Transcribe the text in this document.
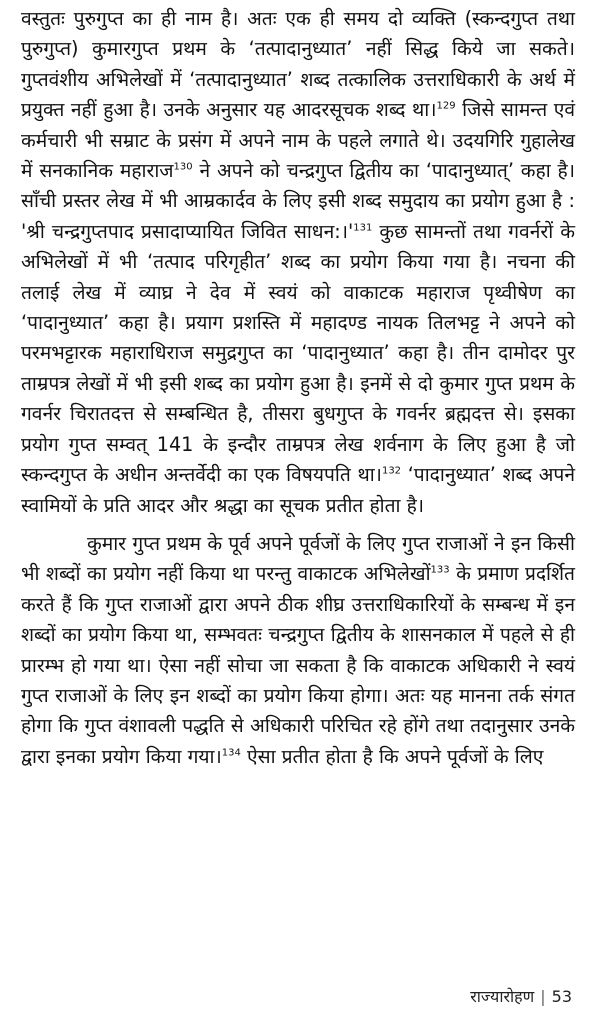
वस्तुतः पुरुगुप्त का ही नाम है। अतः एक ही समय दो व्यक्ति (स्कन्दगुप्त तथा पुरुगुप्त) कुमारगुप्त प्रथम के ‘तत्पादानुध्यात’ नहीं सिद्ध किये जा सकते। गुप्तवंशीय अभिलेखों में ‘तत्पादानुध्यात’ शब्द तत्कालिक उत्तराधिकारी के अर्थ में प्रयुक्त नहीं हुआ है। उनके अनुसार यह आदरसूचक शब्द था।$^{129}$ जिसे सामन्त एवं कर्मचारी भी सम्राट के प्रसंग में अपने नाम के पहले लगाते थे। उदयगिरि गुहालेख में सनकानिक महाराज$^{130}$ ने अपने को चन्द्रगुप्त द्वितीय का ‘पादानुध्यात्’ कहा है। साँची प्रस्तर लेख में भी आम्रकार्दव के लिए इसी शब्द समुदाय का प्रयोग हुआ है : 'श्री चन्द्रगुप्तपाद प्रसादाप्यायित जिवित $साधन:।'^{131}$ कुछ सामन्तों तथा गवर्नरों के अभिलेखों में भी ‘तत्पाद परिगृहीत’ शब्द का प्रयोग किया गया है। नचना की तलाई लेख में व्याघ्र ने देव में स्वयं को वाकाटक महाराज पृथ्वीषेण का ‘पादानुध्यात’ कहा है। प्रयाग प्रशस्ति में महादण्ड नायक तिलभट्ट ने अपने को परमभट्टारक महाराधिराज समुद्रगुप्त का ‘पादानुध्यात’ कहा है। तीन दामोदर पुर ताम्रपत्र लेखों में भी इसी शब्द का प्रयोग हुआ है। इनमें से दो कुमार गुप्त प्रथम के गवर्नर चिरातदत्त से सम्बन्धित है, तीसरा बुधगुप्त के गवर्नर ब्रह्मदत्त से। इसका प्रयोग गुप्त सम्वत् 141 के इन्दौर ताम्रपत्र लेख शर्वनाग के लिए हुआ है जो स्कन्दगुप्त के अधीन अन्तर्वेदी का एक विषयपति था।$^{132}$ ‘पादानुध्यात’ शब्द अपने स्वामियों के प्रति आदर और श्रद्धा का सूचक प्रतीत होता है।

कुमार गुप्त प्रथम के पूर्व अपने पूर्वजों के लिए गुप्त राजाओं ने इन किसी भी शब्दों का प्रयोग नहीं किया था परन्तु वाकाटक अभिलेखों$^{133}$ के प्रमाण प्रदर्शित करते हैं कि गुप्त राजाओं द्वारा अपने ठीक शीघ्र उत्तराधिकारियों के सम्बन्ध में इन शब्दों का प्रयोग किया था, सम्भवतः चन्द्रगुप्त द्वितीय के शासनकाल में पहले से ही प्रारम्भ हो गया था। ऐसा नहीं सोचा जा सकता है कि वाकाटक अधिकारी ने स्वयं गुप्त राजाओं के लिए इन शब्दों का प्रयोग किया होगा। अतः यह मानना तर्क संगत होगा कि गुप्त वंशावली पद्धति से अधिकारी परिचित रहे होंगे तथा तदानुसार उनके द्वारा इनका प्रयोग किया गया।$^{134}$ ऐसा प्रतीत होता है कि अपने पूर्वजों के लिए

राज्यारोहण | 53
